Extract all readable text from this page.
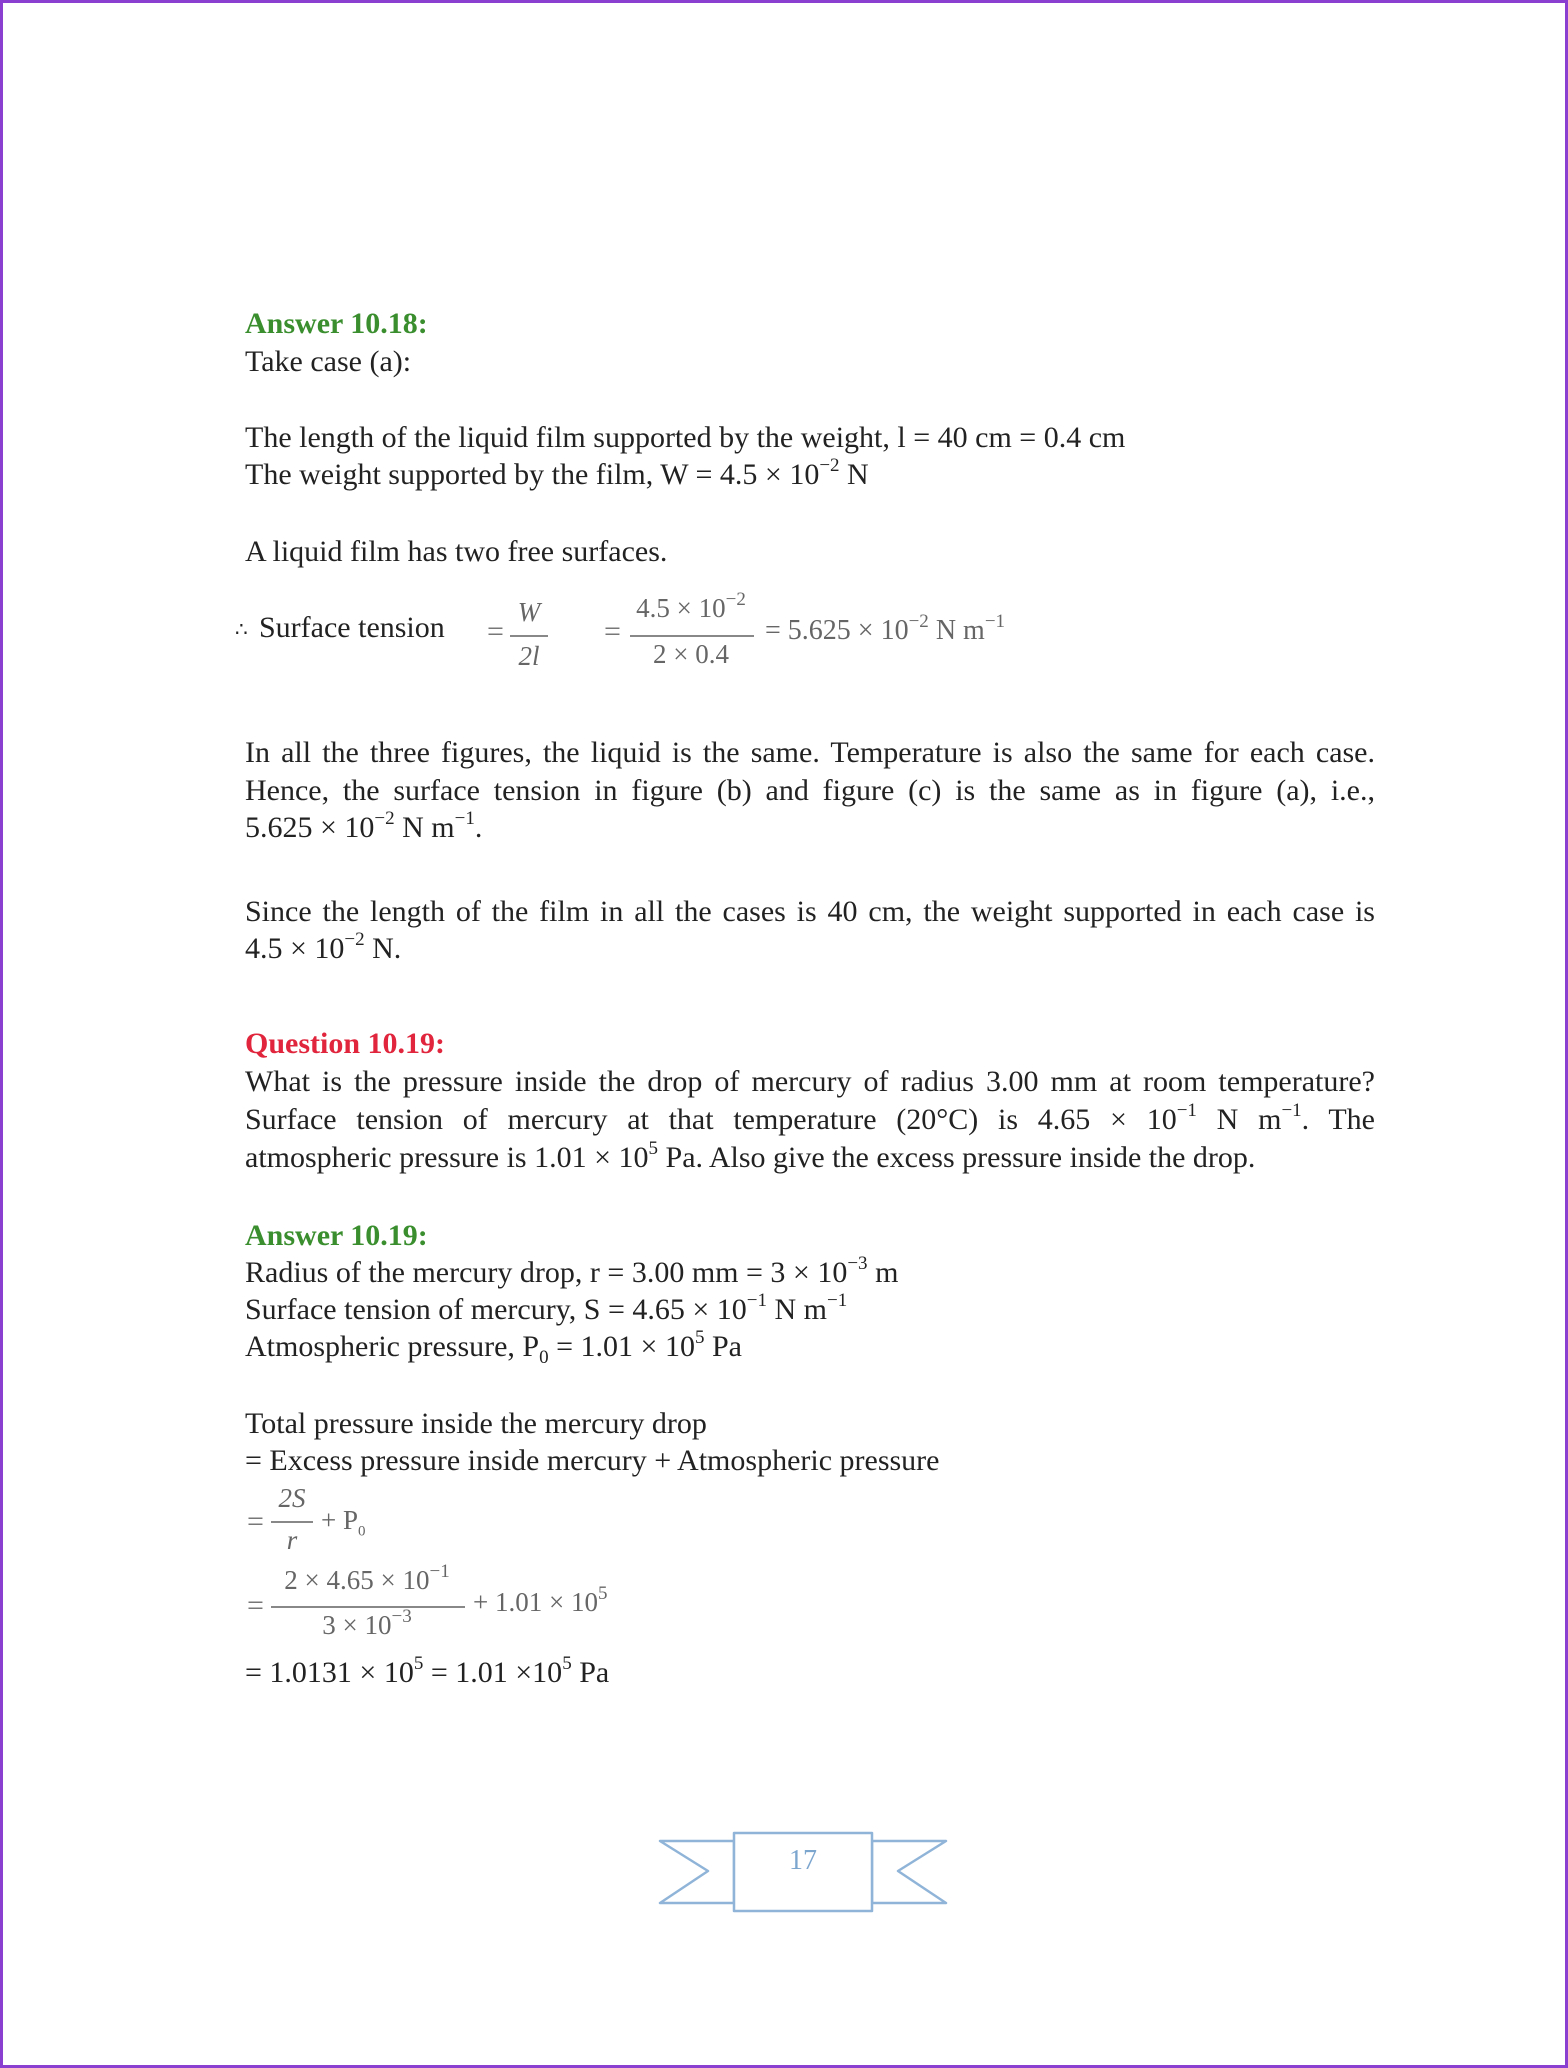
Answer 10.18:
Take case (a):
The length of the liquid film supported by the weight, l = 40 cm = 0.4 cm
The weight supported by the film, $W = 4.5 \times 10^{-2}$ N
A liquid film has two free surfaces.
∴ Surface tension =
W
2l
=
$4.5 \times 10^{-2}$
2 × 0.4
= $5.625 \times 10^{-2}$ N $m^{-1}$
In all the three figures, the liquid is the same. Temperature is also the same for each case.
Hence, the surface tension in figure (b) and figure (c) is the same as in figure (a), i.e.,
$5.625 \times 10^{-2}$ N $m^{-1}$.
Since the length of the film in all the cases is 40 cm, the weight supported in each case is
$4.5 \times 10^{-2}$ N.
Question 10.19:
What is the pressure inside the drop of mercury of radius 3.00 mm at room temperature?
Surface tension of mercury at that temperature (20°C) is $4.65 \times 10^{-1}$ N $m^{-1}$. The
atmospheric pressure is $1.01 \times 10^5$ Pa. Also give the excess pressure inside the drop.
Answer 10.19:
Radius of the mercury drop, r = 3.00 mm = $3 \times 10^{-3}$ m
Surface tension of mercury, $S = 4.65 \times 10^{-1}$ N $m^{-1}$
Atmospheric pressure, $P_0 = 1.01 \times 10^5$ Pa
Total pressure inside the mercury drop
= Excess pressure inside mercury + Atmospheric pressure
=
2S
r
+ $P_0$
=
$2 \times 4.65 \times 10^{-1}$
$3 \times 10^{-3}$	+ $1.01 \times 10^5$
= $1.0131 \times 10^5 = 1.01 \times 10^5$ Pa
17
